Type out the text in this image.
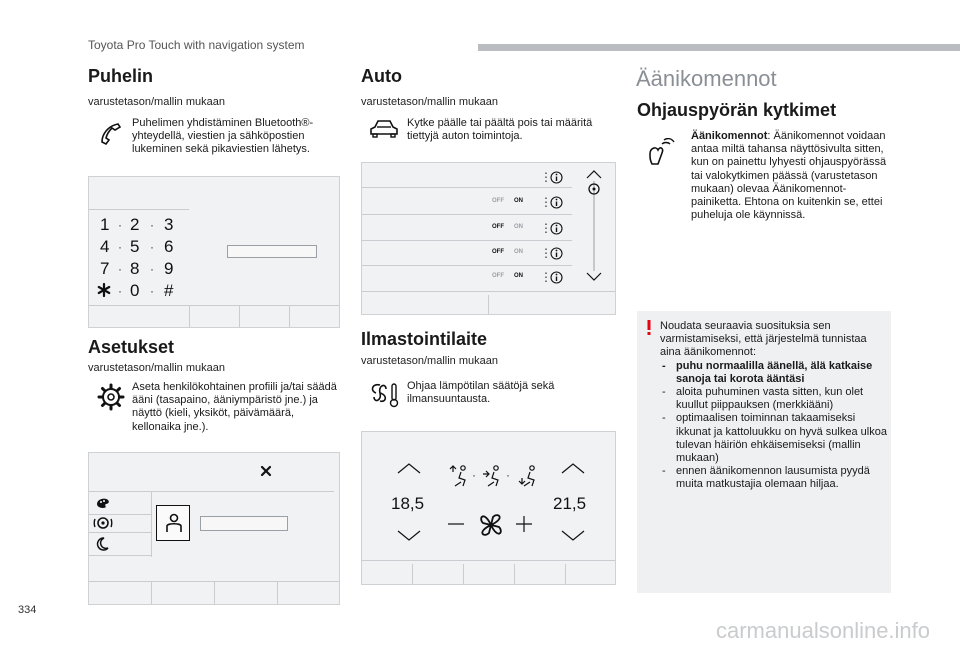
Toyota Pro Touch with navigation system
Puhelin
varustetason/mallin mukaan
Puhelimen yhdistäminen Bluetooth®-yhteydellä, viestien ja sähköpostien lukeminen sekä pikaviestien lähetys.
1 · 2 · 3
4 · 5 · 6
7 · 8 · 9
· 0 · #
Asetukset
varustetason/mallin mukaan
Aseta henkilökohtainen profiili ja/tai säädä ääni (tasapaino, ääniympäristö jne.) ja näyttö (kieli, yksiköt, päivämäärä, kellonaika jne.).
Auto
varustetason/mallin mukaan
Kytke päälle tai päältä pois tai määritä tiettyjä auton toimintoja.
⋮
OFF ON ⋮
OFF ON ⋮
OFF ON ⋮
OFF ON ⋮
Ilmastointilaite
varustetason/mallin mukaan
Ohjaa lämpötilan säätöjä sekä ilmansuuntausta.
18,5	21,5
·	·
Äänikomennot
Ohjauspyörän kytkimet
Äänikomennot: Äänikomennot voidaan antaa miltä tahansa näyttösivulta sitten, kun on painettu lyhyesti ohjauspyörässä tai valokytkimen päässä (varustetason mukaan) olevaa Äänikomennot-painiketta. Ehtona on kuitenkin se, ettei puheluja ole käynnissä.
Noudata seuraavia suosituksia sen varmistamiseksi, että järjestelmä tunnistaa aina äänikomennot:
- puhu normaalilla äänellä, älä katkaise sanoja tai korota ääntäsi
- aloita puhuminen vasta sitten, kun olet kuullut piippauksen (merkkiääni)
- optimaalisen toiminnan takaamiseksi ikkunat ja kattoluukku on hyvä sulkea ulkoa tulevan häiriön ehkäisemiseksi (mallin mukaan)
- ennen äänikomennon lausumista pyydä muita matkustajia olemaan hiljaa.
334
carmanualsonline.info
